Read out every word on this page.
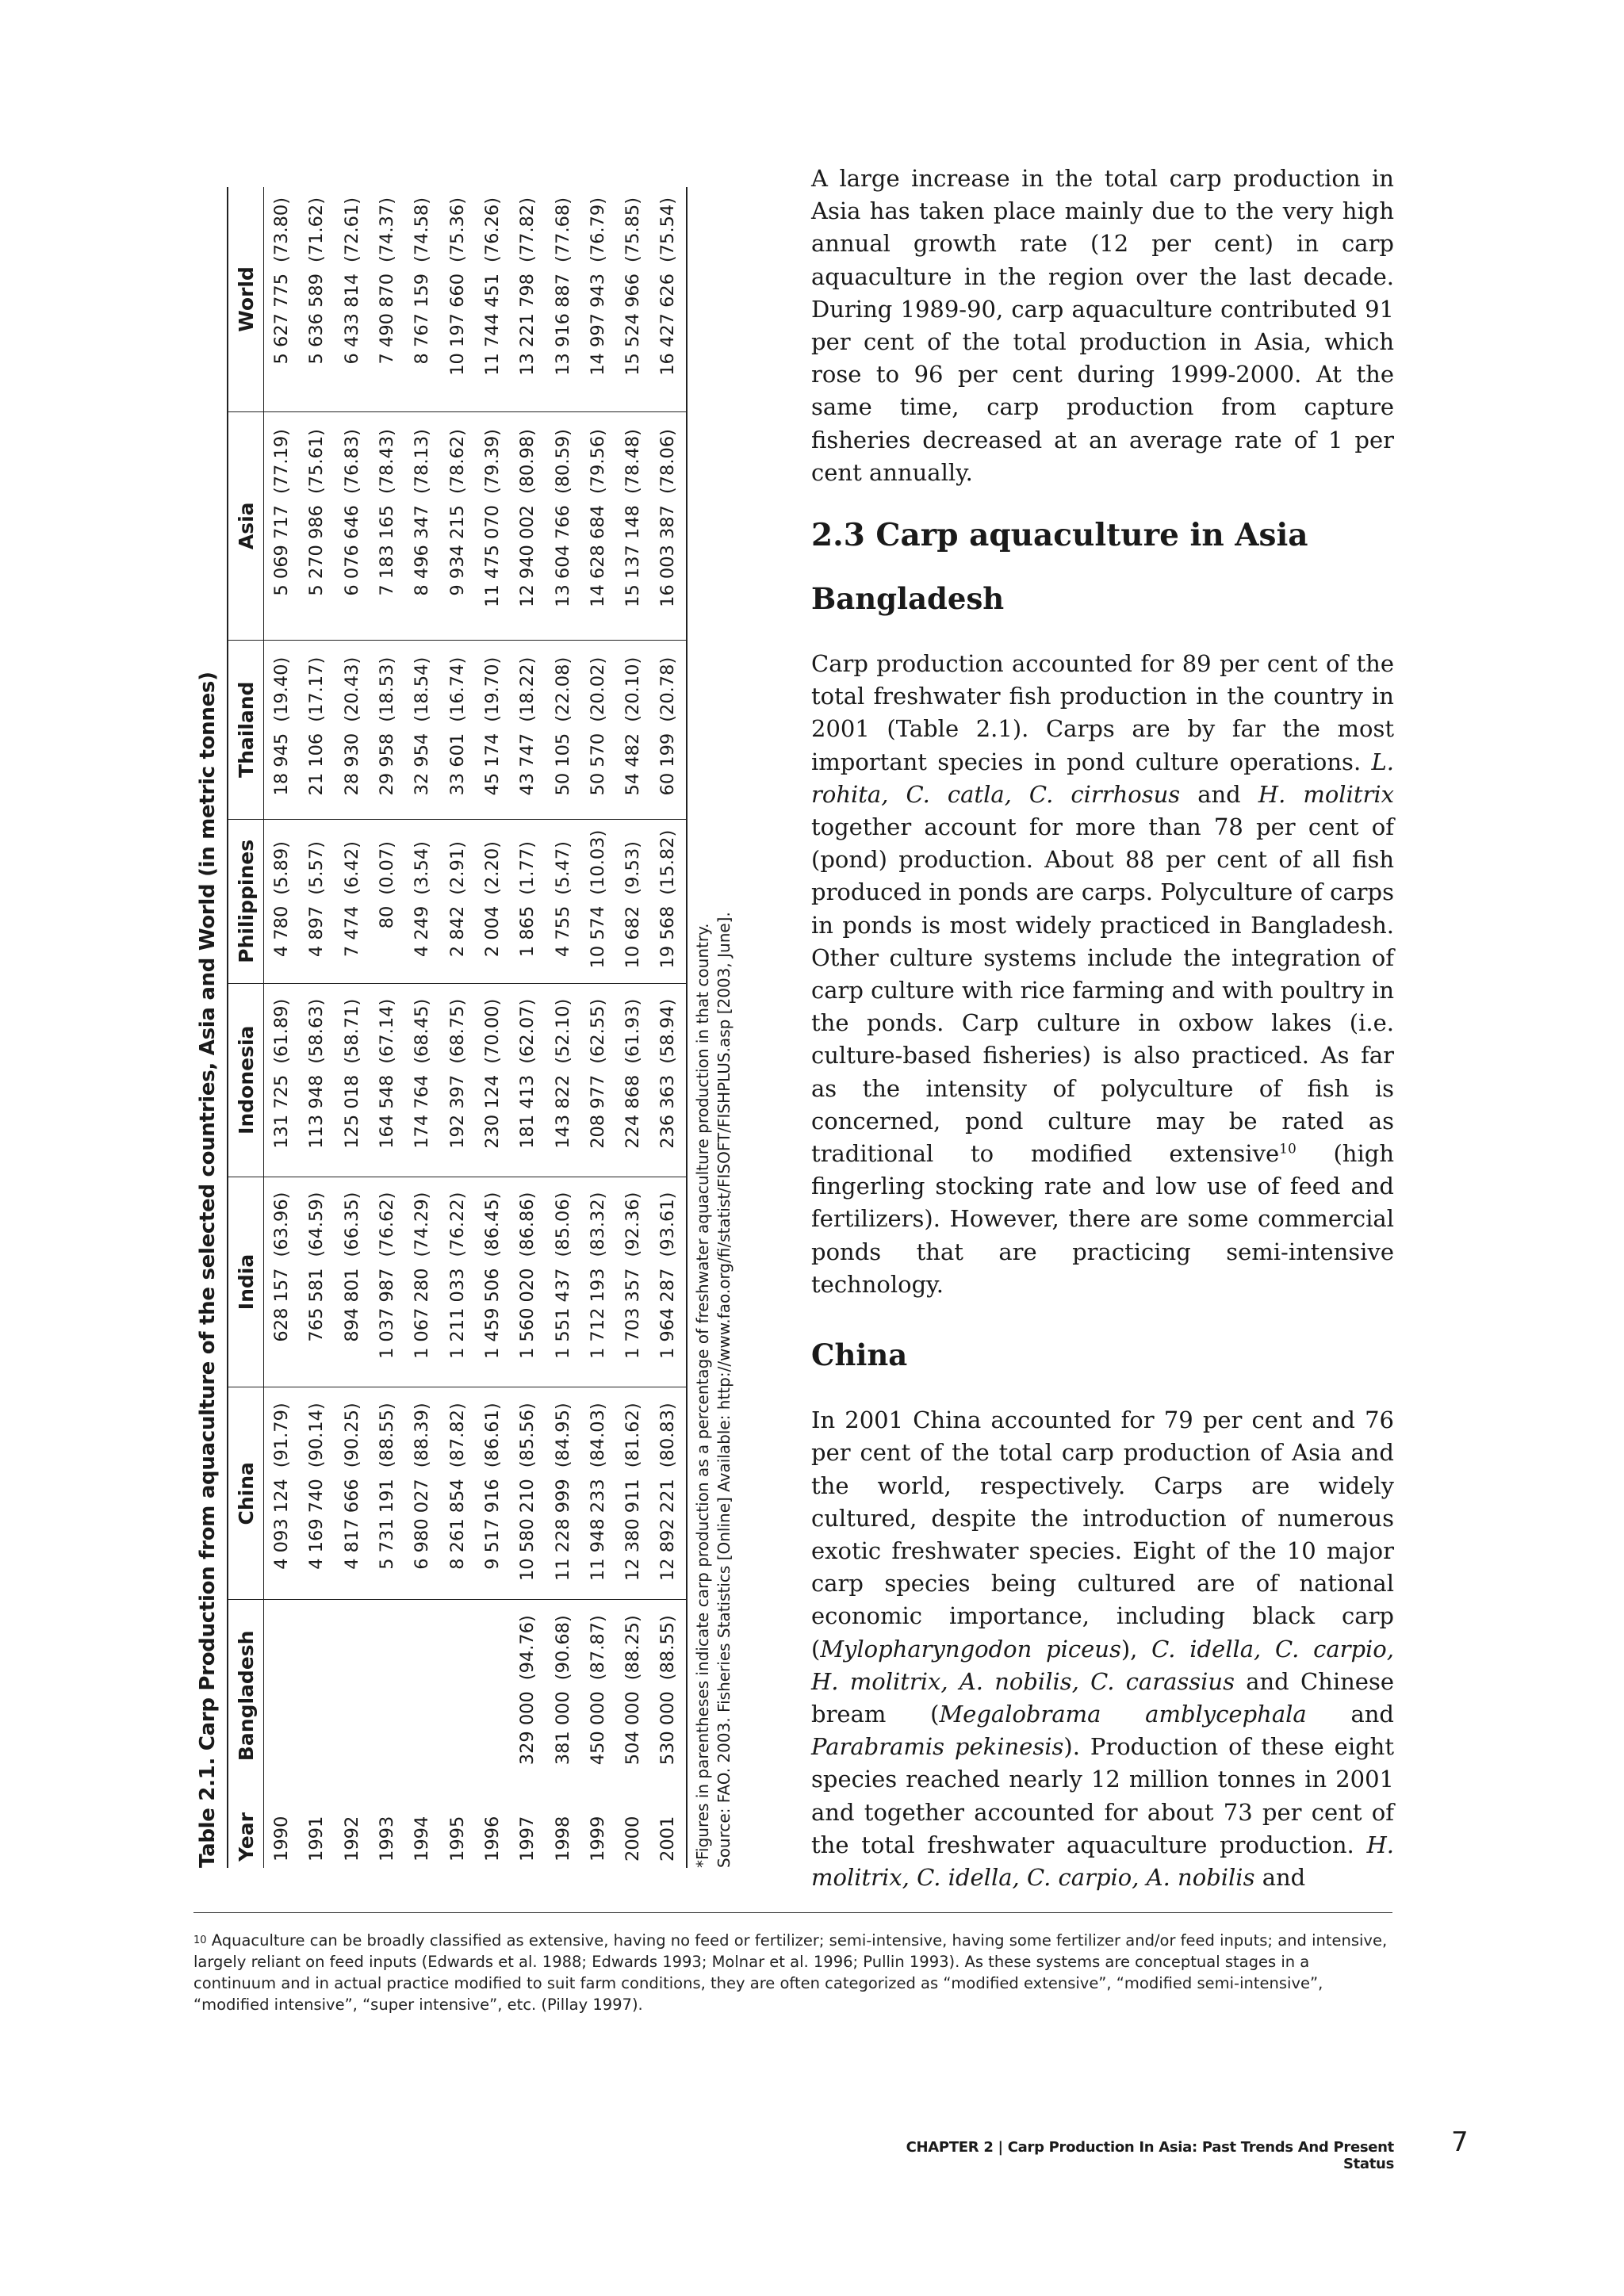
Table 2.1. Carp Production from aquaculture of the selected countries, Asia and World (in metric tonnes) Year	Bangladesh		China		India		Indonesia		Philippines		Thailand		Asia		World	
1990			4 093 124	(91.79)	628 157	(63.96)	131 725	(61.89)	4 780	(5.89)	18 945	(19.40)	5 069 717	(77.19)	5 627 775	(73.80)
1991			4 169 740	(90.14)	765 581	(64.59)	113 948	(58.63)	4 897	(5.57)	21 106	(17.17)	5 270 986	(75.61)	5 636 589	(71.62)
1992			4 817 666	(90.25)	894 801	(66.35)	125 018	(58.71)	7 474	(6.42)	28 930	(20.43)	6 076 646	(76.83)	6 433 814	(72.61)
1993			5 731 191	(88.55)	1 037 987	(76.62)	164 548	(67.14)	80	(0.07)	29 958	(18.53)	7 183 165	(78.43)	7 490 870	(74.37)
1994			6 980 027	(88.39)	1 067 280	(74.29)	174 764	(68.45)	4 249	(3.54)	32 954	(18.54)	8 496 347	(78.13)	8 767 159	(74.58)
1995			8 261 854	(87.82)	1 211 033	(76.22)	192 397	(68.75)	2 842	(2.91)	33 601	(16.74)	9 934 215	(78.62)	10 197 660	(75.36)
1996			9 517 916	(86.61)	1 459 506	(86.45)	230 124	(70.00)	2 004	(2.20)	45 174	(19.70)	11 475 070	(79.39)	11 744 451	(76.26)
1997	329 000	(94.76)	10 580 210	(85.56)	1 560 020	(86.86)	181 413	(62.07)	1 865	(1.77)	43 747	(18.22)	12 940 002	(80.98)	13 221 798	(77.82)
1998	381 000	(90.68)	11 228 999	(84.95)	1 551 437	(85.06)	143 822	(52.10)	4 755	(5.47)	50 105	(22.08)	13 604 766	(80.59)	13 916 887	(77.68)
1999	450 000	(87.87)	11 948 233	(84.03)	1 712 193	(83.32)	208 977	(62.55)	10 574	(10.03)	50 570	(20.02)	14 628 684	(79.56)	14 997 943	(76.79)
2000	504 000	(88.25)	12 380 911	(81.62)	1 703 357	(92.36)	224 868	(61.93)	10 682	(9.53)	54 482	(20.10)	15 137 148	(78.48)	15 524 966	(75.85)
2001	530 000	(88.55)	12 892 221	(80.83)	1 964 287	(93.61)	236 363	(58.94)	19 568	(15.82)	60 199	(20.78)	16 003 387	(78.06)	16 427 626	(75.54)
*Figures in parentheses indicate carp production as a percentage of freshwater aquaculture production in that country. Source: FAO. 2003. Fisheries Statistics [Online] Available: http://www.fao.org/fi/statist/FISOFT/FISHPLUS.asp [2003, June].

A large increase in the total carp production in Asia has taken place mainly due to the very high annual growth rate (12 per cent) in carp aquaculture in the region over the last decade. During 1989-90, carp aquaculture contributed 91 per cent of the total production in Asia, which rose to 96 per cent during 1999-2000. At the same time, carp production from capture fisheries decreased at an average rate of 1 per cent annually.

2.3 Carp aquaculture in Asia
Bangladesh

Carp production accounted for 89 per cent of the total freshwater fish production in the country in 2001 (Table 2.1). Carps are by far the most important species in pond culture operations. L. rohita, C. catla, C. cirrhosus and H. molitrix together account for more than 78 per cent of (pond) production. About 88 per cent of all fish produced in ponds are carps. Polyculture of carps in ponds is most widely practiced in Bangladesh. Other culture systems include the integration of carp culture with rice farming and with poultry in the ponds. Carp culture in oxbow lakes (i.e. culture-based fisheries) is also practiced. As far as the intensity of polyculture of fish is concerned, pond culture may be rated as traditional to modified extensive$^{10}$ (high fingerling stocking rate and low use of feed and fertilizers). However, there are some commercial ponds that are practicing semi-intensive technology.

China

In 2001 China accounted for 79 per cent and 76 per cent of the total carp production of Asia and the world, respectively. Carps are widely cultured, despite the introduction of numerous exotic freshwater species. Eight of the 10 major carp species being cultured are of national economic importance, including black carp (Mylopharyngodon piceus), C. idella, C. carpio, H. molitrix, A. nobilis, C. carassius and Chinese bream (Megalobrama amblycephala and Parabramis pekinesis). Production of these eight species reached nearly 12 million tonnes in 2001 and together accounted for about 73 per cent of the total freshwater aquaculture production. H. molitrix, C. idella, C. carpio, A. nobilis and

$^{10}$ Aquaculture can be broadly classified as extensive, having no feed or fertilizer; semi-intensive, having some fertilizer and/or feed inputs; and intensive, largely reliant on feed inputs (Edwards et al. 1988; Edwards 1993; Molnar et al. 1996; Pullin 1993). As these systems are conceptual stages in a continuum and in actual practice modified to suit farm conditions, they are often categorized as “modified extensive”, “modified semi-intensive”, “modified intensive”, “super intensive”, etc. (Pillay 1997).
CHAPTER 2 | Carp Production In Asia: Past Trends And Present Status
7
